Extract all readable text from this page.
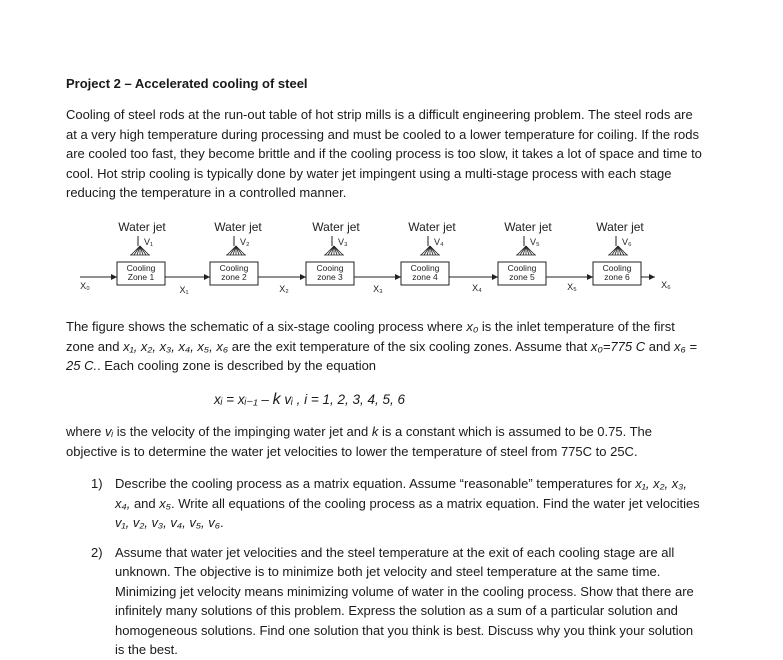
Project 2 – Accelerated cooling of steel

Cooling of steel rods at the run-out table of hot strip mills is a difficult engineering problem. The steel rods are at a very high temperature during processing and must be cooled to a lower temperature for coiling. If the rods are cooled too fast, they become brittle and if the cooling process is too slow, it takes a lot of space and time to cool. Hot strip cooling is typically done by water jet impingent using a multi-stage process with each stage reducing the temperature in a controlled manner.

X₀	X₁	X₂	X₃	X₄	X₅	X₆
Cooling
Zone 1
Water jet
V₁
Cooling
zone 2
Water jet
V₂
Cooing
zone 3
Water jet
V₃
Cooling
zone 4
Water jet
V₄
Cooling
zone 5
Water jet
V₅
Cooling
zone 6
Water jet
V₆

The figure shows the schematic of a six-stage cooling process where x₀ is the inlet temperature of the first zone and x₁, x₂, x₃, x₄, x₅, x₆ are the exit temperature of the six cooling zones. Assume that x₀=775 C and x₆ = 25 C.. Each cooling zone is described by the equation

xᵢ = xᵢ₋₁ – k vᵢ , i = 1, 2, 3, 4, 5, 6

where vᵢ is the velocity of the impinging water jet and k is a constant which is assumed to be 0.75. The objective is to determine the water jet velocities to lower the temperature of steel from 775C to 25C.

1) Describe the cooling process as a matrix equation. Assume “reasonable” temperatures for x₁, x₂, x₃, x₄, and x₅. Write all equations of the cooling process as a matrix equation. Find the water jet velocities v₁, v₂, v₃, v₄, v₅, v₆.
2) Assume that water jet velocities and the steel temperature at the exit of each cooling stage are all unknown. The objective is to minimize both jet velocity and steel temperature at the same time. Minimizing jet velocity means minimizing volume of water in the cooling process. Show that there are infinitely many solutions of this problem. Express the solution as a sum of a particular solution and homogeneous solutions. Find one solution that you think is best. Discuss why you think your solution is the best.
